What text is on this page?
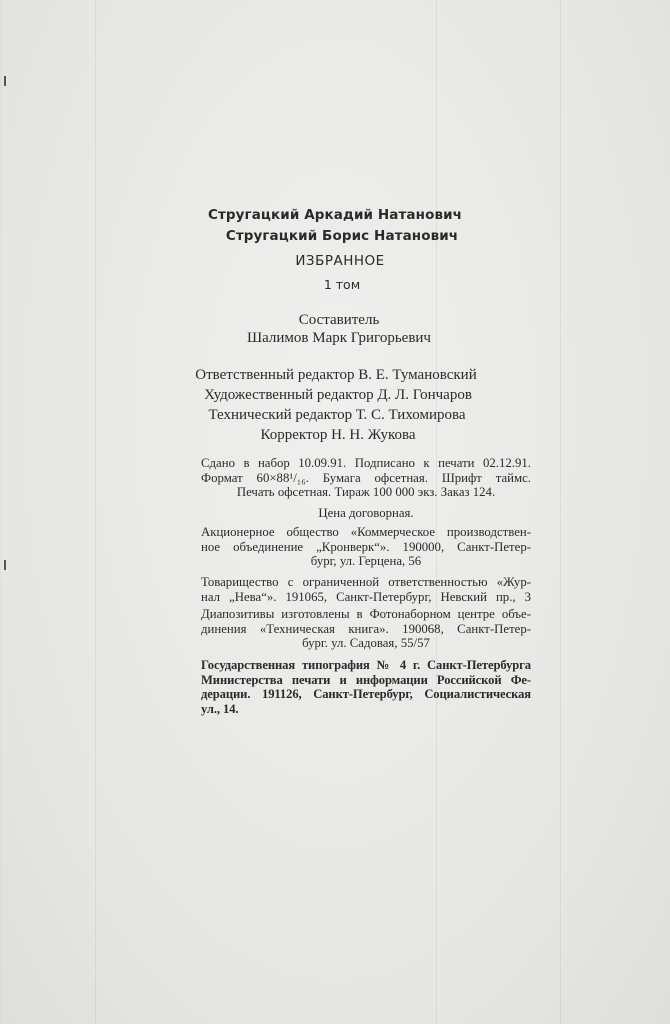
Стругацкий Аркадий Натанович
Стругацкий Борис Натанович
ИЗБРАННОЕ
1 том
Составитель
Шалимов Марк Григорьевич
Ответственный редактор В. Е. Тумановский
Художественный редактор Д. Л. Гончаров
Технический редактор Т. С. Тихомирова
Корректор Н. Н. Жукова
Сдано в набор 10.09.91. Подписано к печати 02.12.91.
Формат 60×88¹/₁₆. Бумага офсетная. Шрифт таймс.
Печать офсетная. Тираж 100 000 экз. Заказ 124.
Цена договорная.
Акционерное общество «Коммерческое производствен-
ное объединение „Кронверк“». 190000, Санкт-Петер-
бург, ул. Герцена, 56
Товарищество с ограниченной ответственностью «Жур-
нал „Нева“». 191065, Санкт-Петербург, Невский пр., 3
Диапозитивы изготовлены в Фотонаборном центре объе-
динения «Техническая книга». 190068, Санкт-Петер-
бург. ул. Садовая, 55/57
Государственная типография № 4 г. Санкт-Петербурга
Министерства печати и информации Российской Фе-
дерации. 191126, Санкт-Петербург, Социалистическая
ул., 14.
